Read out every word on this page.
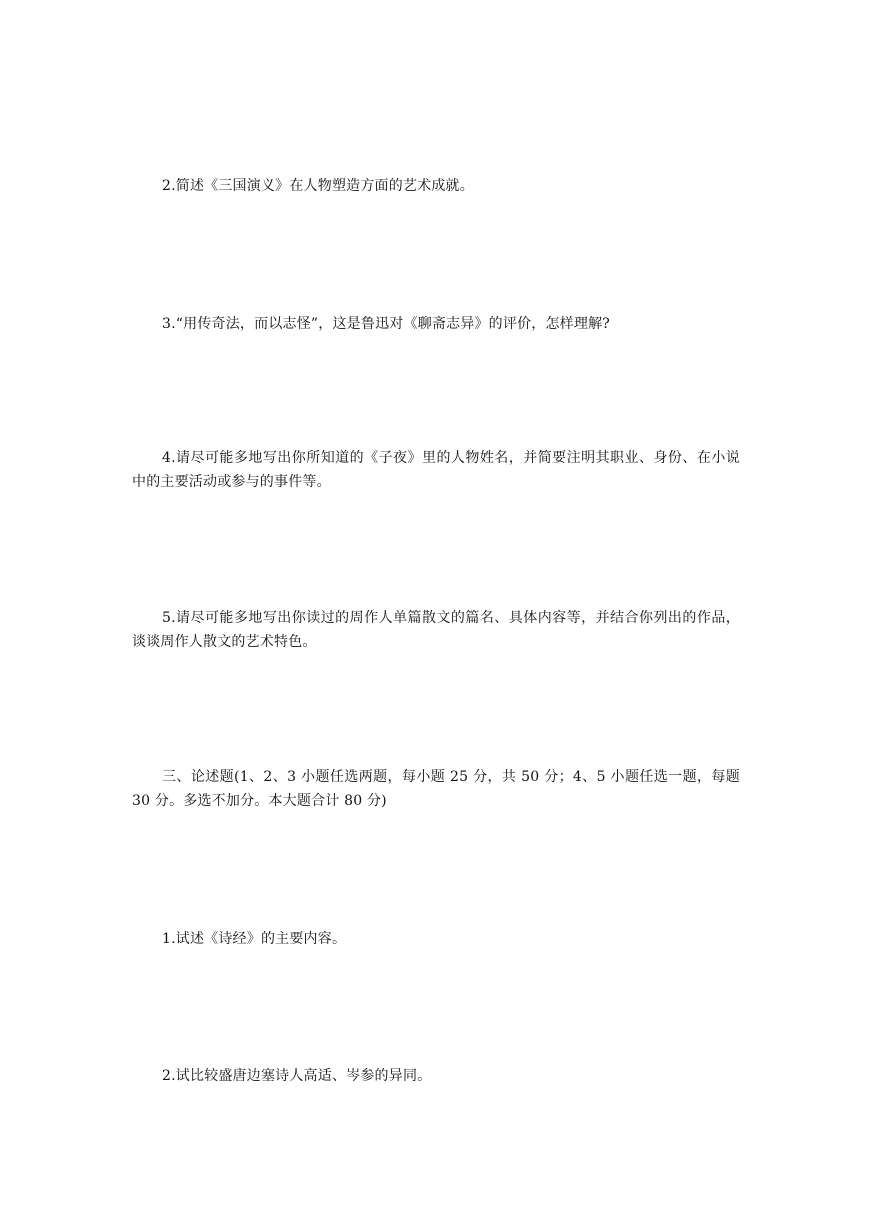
2.简述《三国演义》在人物塑造方面的艺术成就。

3.“用传奇法，而以志怪”，这是鲁迅对《聊斋志异》的评价，怎样理解?

4.请尽可能多地写出你所知道的《子夜》里的人物姓名，并简要注明其职业、身份、在小说中的主要活动或参与的事件等。

5.请尽可能多地写出你读过的周作人单篇散文的篇名、具体内容等，并结合你列出的作品，谈谈周作人散文的艺术特色。

三、论述题(1、2、3 小题任选两题，每小题 25 分，共 50 分；4、5 小题任选一题，每题 30 分。多选不加分。本大题合计 80 分)

1.试述《诗经》的主要内容。

2.试比较盛唐边塞诗人高适、岑参的异同。
